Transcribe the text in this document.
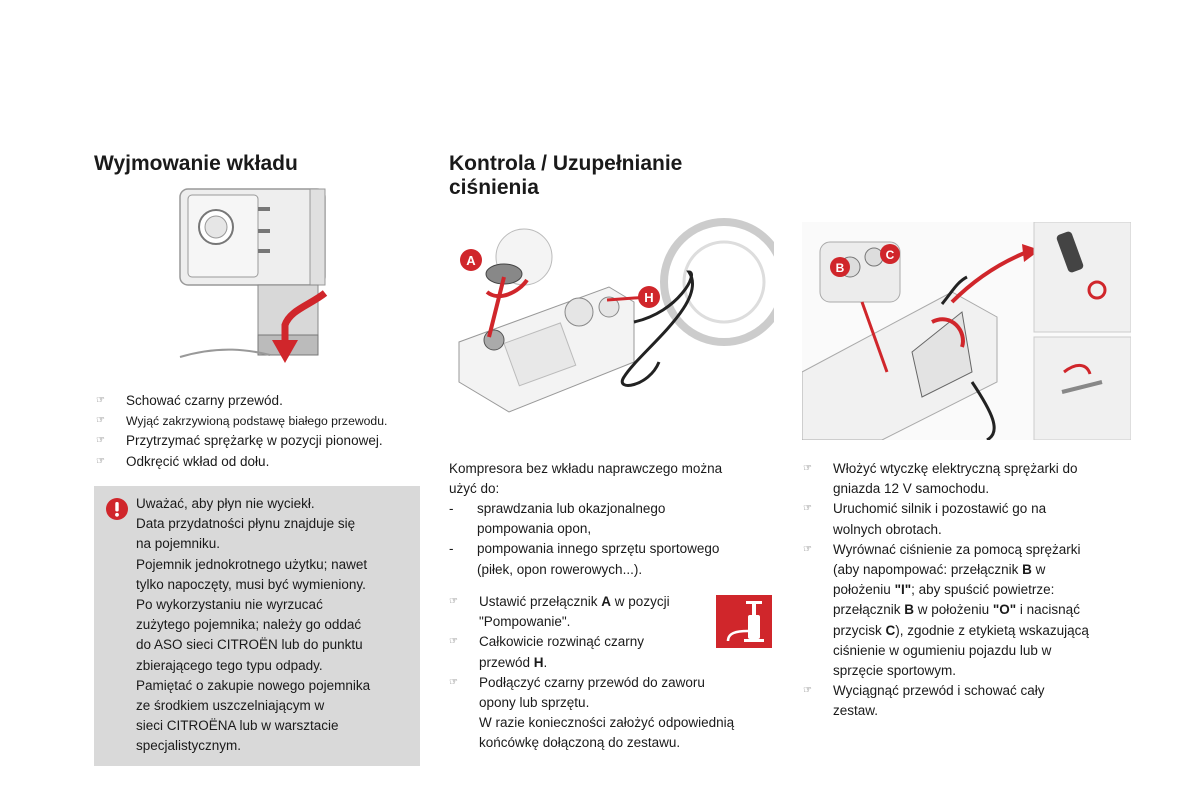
Wyjmowanie wkładu
☞ Schować czarny przewód.
☞ Wyjąć zakrzywioną podstawę białego przewodu.
☞ Przytrzymać sprężarkę w pozycji pionowej.
☞ Odkręcić wkład od dołu.

Uważać, aby płyn nie wyciekł.

Data przydatności płynu znajduje się

na pojemniku.

Pojemnik jednokrotnego użytku; nawet

tylko napoczęty, musi być wymieniony.

Po wykorzystaniu nie wyrzucać

zużytego pojemnika; należy go oddać

do ASO sieci CITROËN lub do punktu

zbierającego tego typu odpady.

Pamiętać o zakupie nowego pojemnika

ze środkiem uszczelniającym w

sieci CITROËNA lub w warsztacie

specjalistycznym.

Kontrola / Uzupełnianie
ciśnienia
A
H
Kompresora bez wkładu naprawczego można
użyć do:
- sprawdzania lub okazjonalnego
pompowania opon,
- pompowania innego sprzętu sportowego
(piłek, opon rowerowych...).
☞ Ustawić przełącznik A w pozycji
"Pompowanie".
☞ Całkowicie rozwinąć czarny
przewód H.
☞ Podłączyć czarny przewód do zaworu
opony lub sprzętu.
W razie konieczności założyć odpowiednią
końcówkę dołączoną do zestawu.
B
C
☞ Włożyć wtyczkę elektryczną sprężarki do
gniazda 12 V samochodu.
☞ Uruchomić silnik i pozostawić go na
wolnych obrotach.
☞ Wyrównać ciśnienie za pomocą sprężarki
(aby napompować: przełącznik B w
położeniu "I"; aby spuścić powietrze:
przełącznik B w położeniu "O" i nacisnąć
przycisk C), zgodnie z etykietą wskazującą
ciśnienie w ogumieniu pojazdu lub w
sprzęcie sportowym.
☞ Wyciągnąć przewód i schować cały
zestaw.
